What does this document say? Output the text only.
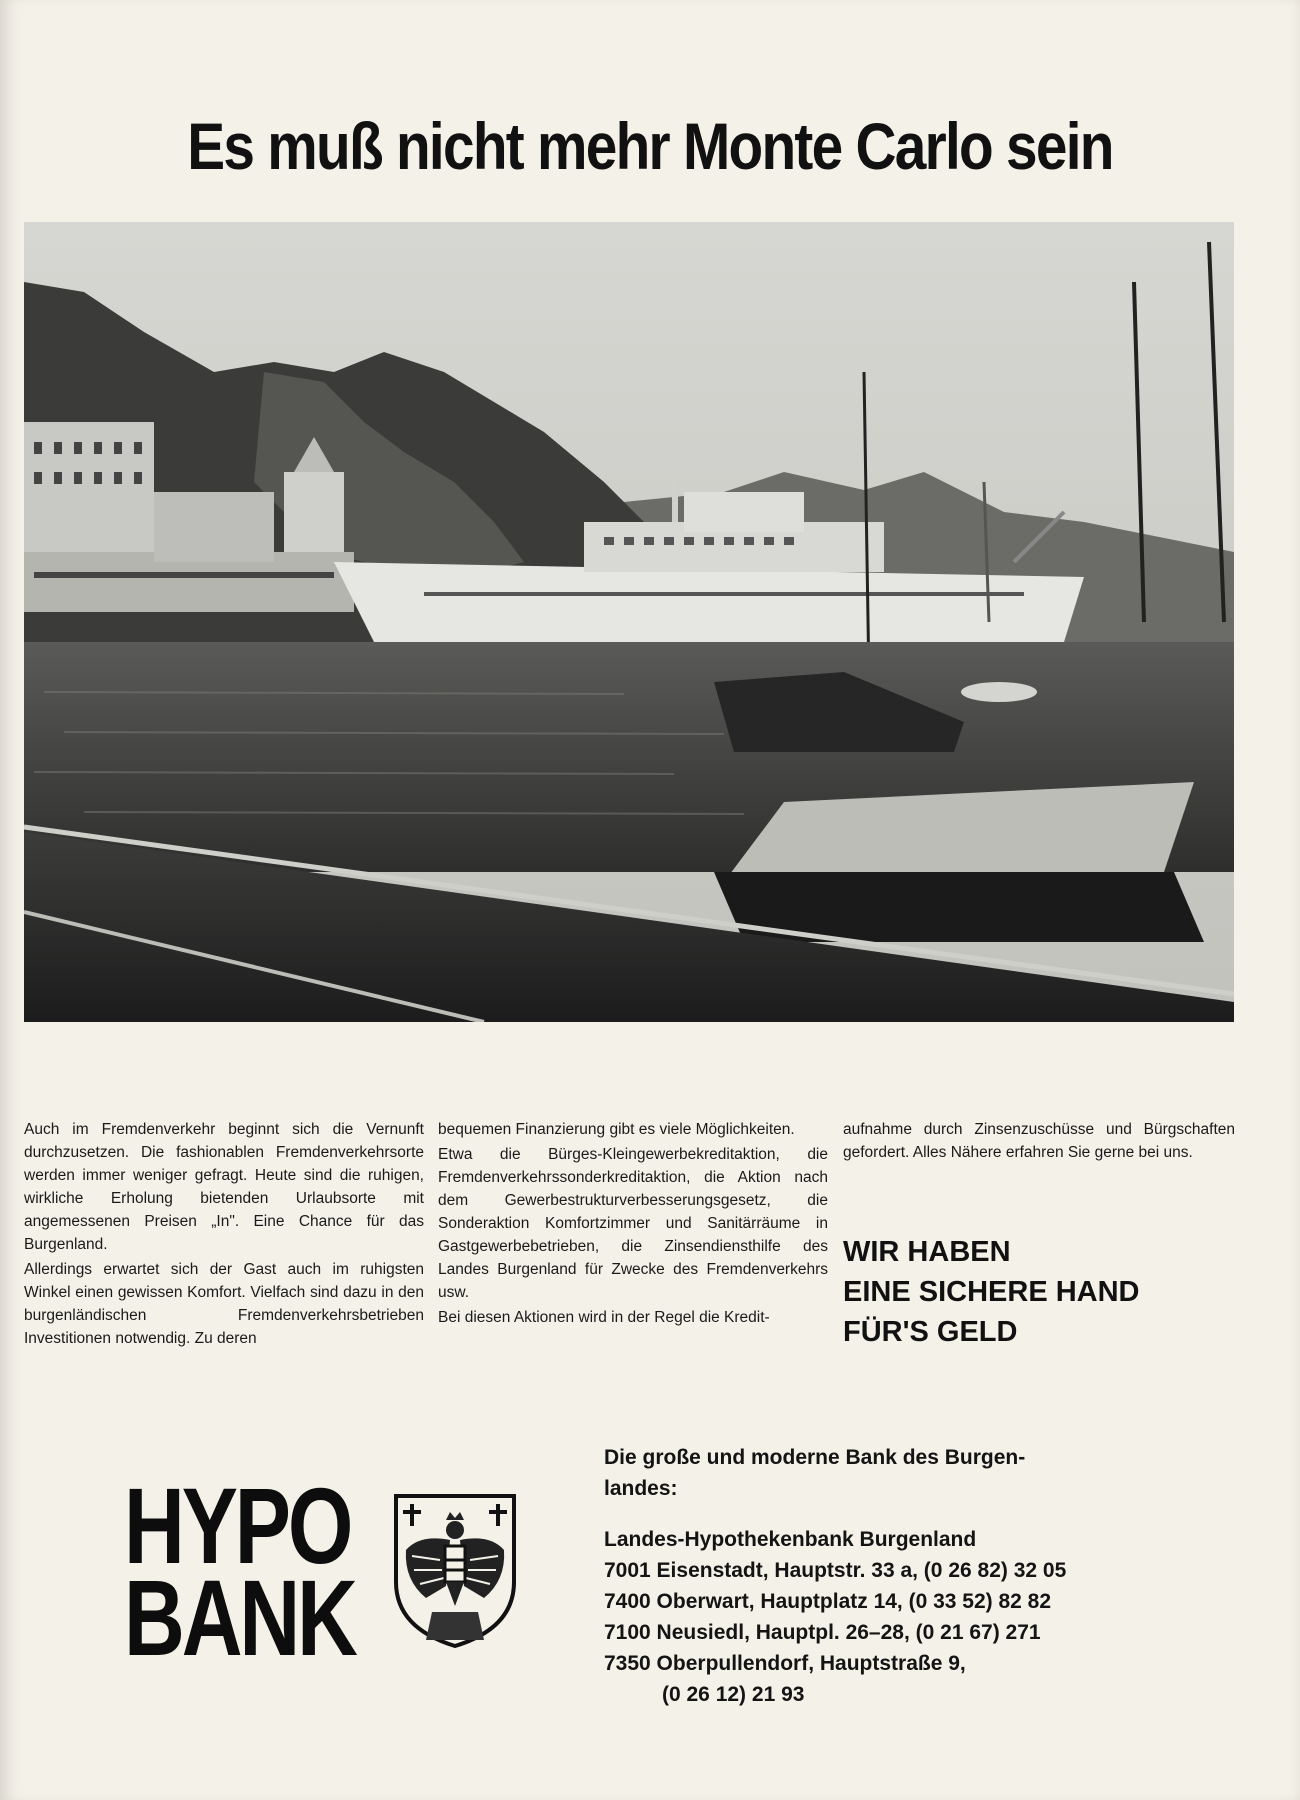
Es muß nicht mehr Monte Carlo sein

Auch im Fremdenverkehr beginnt sich die Vernunft durchzusetzen. Die fashionablen Fremdenverkehrsorte werden immer weniger gefragt. Heute sind die ruhigen, wirkliche Erholung bietenden Urlaubsorte mit angemessenen Preisen „In". Eine Chance für das Burgenland.

Allerdings erwartet sich der Gast auch im ruhigsten Winkel einen gewissen Komfort. Vielfach sind dazu in den burgenländischen Fremdenverkehrsbetrieben Investitionen notwendig. Zu deren

bequemen Finanzierung gibt es viele Möglichkeiten.

Etwa die Bürges-Kleingewerbekreditaktion, die Fremdenverkehrssonderkreditaktion, die Aktion nach dem Gewerbestrukturverbesserungsgesetz, die Sonderaktion Komfortzimmer und Sanitärräume in Gastgewerbebetrieben, die Zinsendiensthilfe des Landes Burgenland für Zwecke des Fremdenverkehrs usw.

Bei diesen Aktionen wird in der Regel die Kredit-

aufnahme durch Zinsenzuschüsse und Bürgschaften gefordert. Alles Nähere erfahren Sie gerne bei uns.

WIR HABEN
EINE SICHERE HAND
FÜR'S GELD
HYPO
BANK
Die große und moderne Bank des Burgen-
landes:
Landes-Hypothekenbank Burgenland
7001 Eisenstadt, Hauptstr. 33 a, (0 26 82) 32 05
7400 Oberwart, Hauptplatz 14, (0 33 52) 82 82
7100 Neusiedl, Hauptpl. 26–28, (0 21 67) 271
7350 Oberpullendorf, Hauptstraße 9,
(0 26 12) 21 93
